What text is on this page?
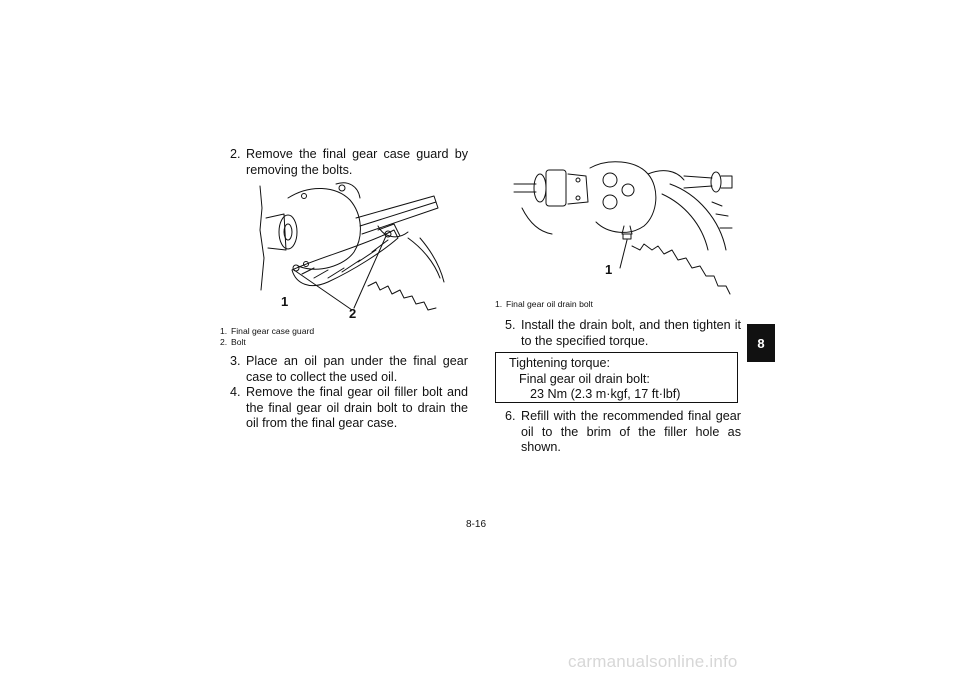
2. Remove the final gear case guard by removing the bolts.
1
2
1. Final gear case guard
2. Bolt
3. Place an oil pan under the final gear case to collect the used oil.
4. Remove the final gear oil filler bolt and the final gear oil drain bolt to drain the oil from the final gear case.
1
1. Final gear oil drain bolt
5. Install the drain bolt, and then tighten it to the specified torque.
Tightening torque:
Final gear oil drain bolt:
23 Nm (2.3 m·kgf, 17 ft·lbf)
6. Refill with the recommended final gear oil to the brim of the filler hole as shown.
8
8-16
carmanualsonline.info
